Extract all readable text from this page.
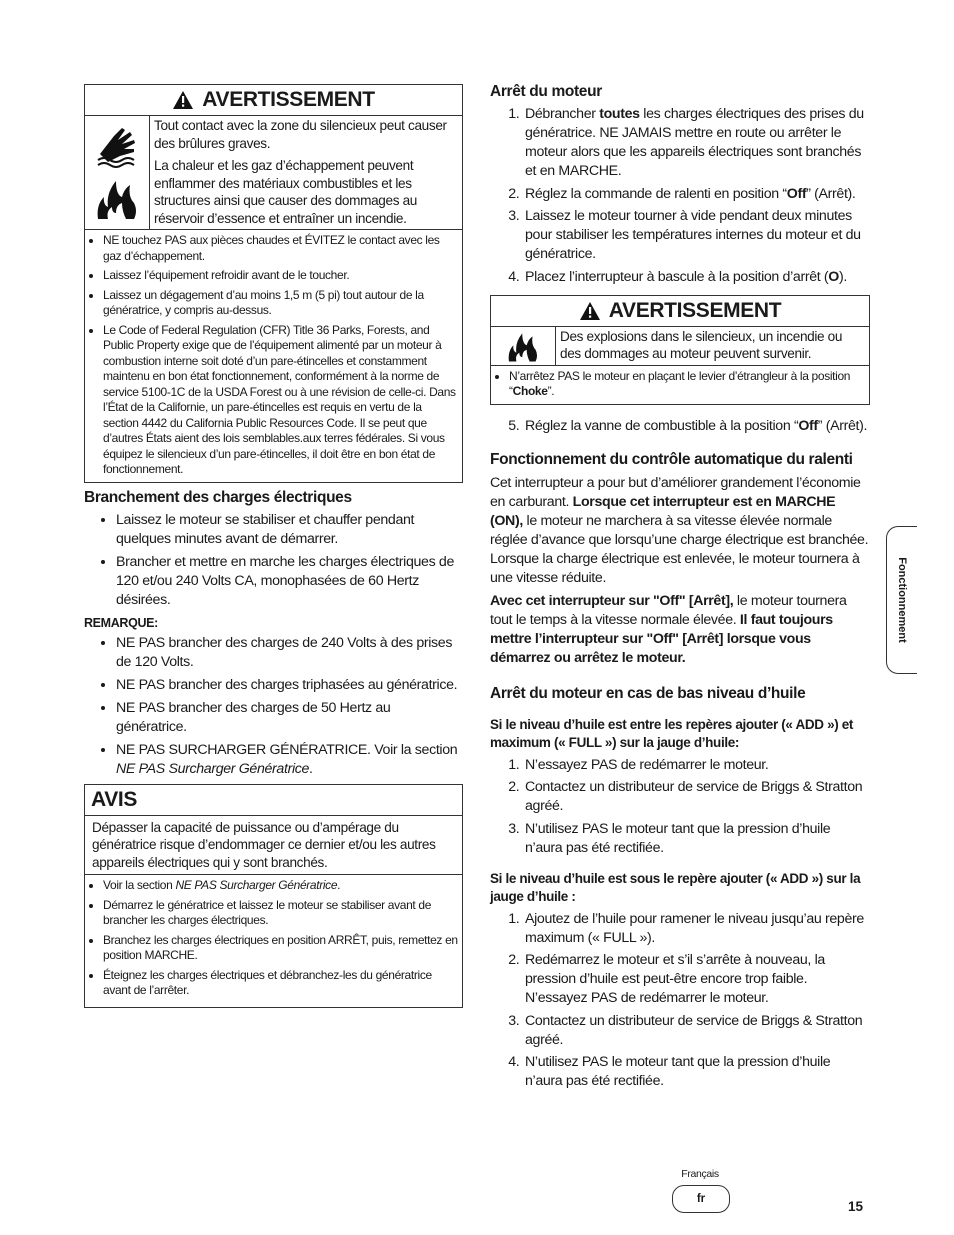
AVERTISSEMENT

Tout contact avec la zone du silencieux peut causer des brûlures graves.

La chaleur et les gaz d’échappement peuvent enflammer des matériaux combustibles et les structures ainsi que causer des dommages au réservoir d’essence et entraîner un incendie.

• NE touchez PAS aux pièces chaudes et ÉVITEZ le contact avec les gaz d’échappement.
• Laissez l’équipement refroidir avant de le toucher.
• Laissez un dégagement d’au moins 1,5 m (5 pi) tout autour de la génératrice, y compris au-dessus.
• Le Code of Federal Regulation (CFR) Title 36 Parks, Forests, and Public Property exige que de l’équipement alimenté par un moteur à combustion interne soit doté d’un pare-étincelles et constamment maintenu en bon état fonctionnement, conformément à la norme de service 5100-1C de la USDA Forest ou à une révision de celle-ci. Dans l’État de la Californie, un pare-étincelles est requis en vertu de la section 4442 du California Public Resources Code. Il se peut que d’autres États aient des lois semblables.aux terres fédérales. Si vous équipez le silencieux d’un pare-étincelles, il doit être en bon état de fonctionnement.
Branchement des charges électriques
• Laissez le moteur se stabiliser et chauffer pendant quelques minutes avant de démarrer.
• Brancher et mettre en marche les charges électriques de 120 et/ou 240 Volts CA, monophasées de 60 Hertz désirées.
REMARQUE:
• NE PAS brancher des charges de 240 Volts à des prises de 120 Volts.
• NE PAS brancher des charges triphasées au génératrice.
• NE PAS brancher des charges de 50 Hertz au génératrice.
• NE PAS SURCHARGER GÉNÉRATRICE. Voir la section NE PAS Surcharger Génératrice.
AVIS
Dépasser la capacité de puissance ou d’ampérage du génératrice risque d’endommager ce dernier et/ou les autres appareils électriques qui y sont branchés.
• Voir la section NE PAS Surcharger Génératrice.
• Démarrez le génératrice et laissez le moteur se stabiliser avant de brancher les charges électriques.
• Branchez les charges électriques en position ARRÊT, puis, remettez en position MARCHE.
• Éteignez les charges électriques et débranchez-les du génératrice avant de l’arrêter.
Arrêt du moteur
1. Débrancher toutes les charges électriques des prises du génératrice. NE JAMAIS mettre en route ou arrêter le moteur alors que les appareils électriques sont branchés et en MARCHE.
2. Réglez la commande de ralenti en position “Off” (Arrêt).
3. Laissez le moteur tourner à vide pendant deux minutes pour stabiliser les températures internes du moteur et du génératrice.
4. Placez l’interrupteur à bascule à la position d’arrêt (O).
AVERTISSEMENT
Des explosions dans le silencieux, un incendie ou des dommages au moteur peuvent survenir.
• N’arrêtez PAS le moteur en plaçant le levier d’étrangleur à la position “Choke”.
5. Réglez la vanne de combustible à la position “Off” (Arrêt).
Fonctionnement du contrôle automatique du ralenti
Cet interrupteur a pour but d’améliorer grandement l’économie en carburant. Lorsque cet interrupteur est en MARCHE (ON), le moteur ne marchera à sa vitesse élevée normale réglée d’avance que lorsqu’une charge électrique est branchée. Lorsque la charge électrique est enlevée, le moteur tournera à une vitesse réduite.
Avec cet interrupteur sur "Off" [Arrêt], le moteur tournera tout le temps à la vitesse normale élevée. Il faut toujours mettre l’interrupteur sur "Off" [Arrêt] lorsque vous démarrez ou arrêtez le moteur.
Arrêt du moteur en cas de bas niveau d’huile
Si le niveau d’huile est entre les repères ajouter (« ADD ») et maximum (« FULL ») sur la jauge d’huile:
1. N’essayez PAS de redémarrer le moteur.
2. Contactez un distributeur de service de Briggs & Stratton agréé.
3. N’utilisez PAS le moteur tant que la pression d’huile n’aura pas été rectifiée.
Si le niveau d’huile est sous le repère ajouter (« ADD ») sur la jauge d’huile :
1. Ajoutez de l’huile pour ramener le niveau jusqu’au repère maximum (« FULL »).
2. Redémarrez le moteur et s’il s’arrête à nouveau, la pression d’huile est peut-être encore trop faible. N’essayez PAS de redémarrer le moteur.
3. Contactez un distributeur de service de Briggs & Stratton agréé.
4. N’utilisez PAS le moteur tant que la pression d’huile n’aura pas été rectifiée.
Fonctionnement
Français
fr	15
